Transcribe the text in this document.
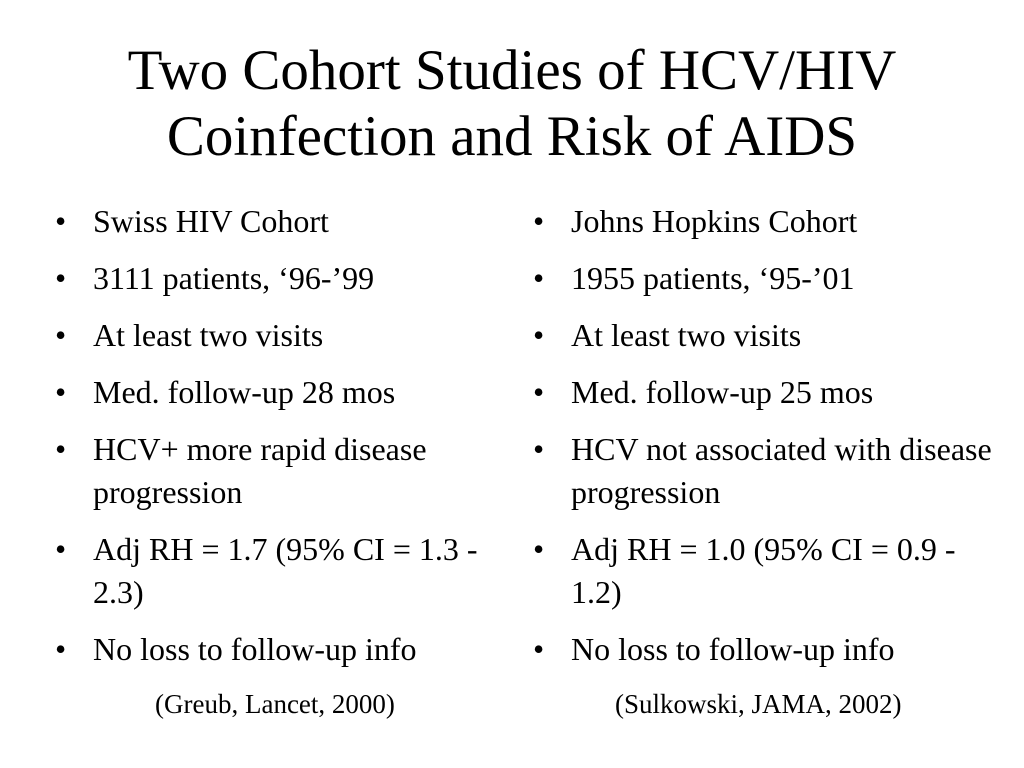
Two Cohort Studies of HCV/HIV
Coinfection and Risk of AIDS
• Swiss HIV Cohort
• 3111 patients, ‘96-’99
• At least two visits
• Med. follow-up 28 mos
• HCV+ more rapid disease progression
• Adj RH = 1.7 (95% CI = 1.3 - 2.3)
• No loss to follow-up info
• Johns Hopkins Cohort
• 1955 patients, ‘95-’01
• At least two visits
• Med. follow-up 25 mos
• HCV not associated with disease progression
• Adj RH = 1.0 (95% CI = 0.9 - 1.2)
• No loss to follow-up info
(Greub, Lancet, 2000)	(Sulkowski, JAMA, 2002)
